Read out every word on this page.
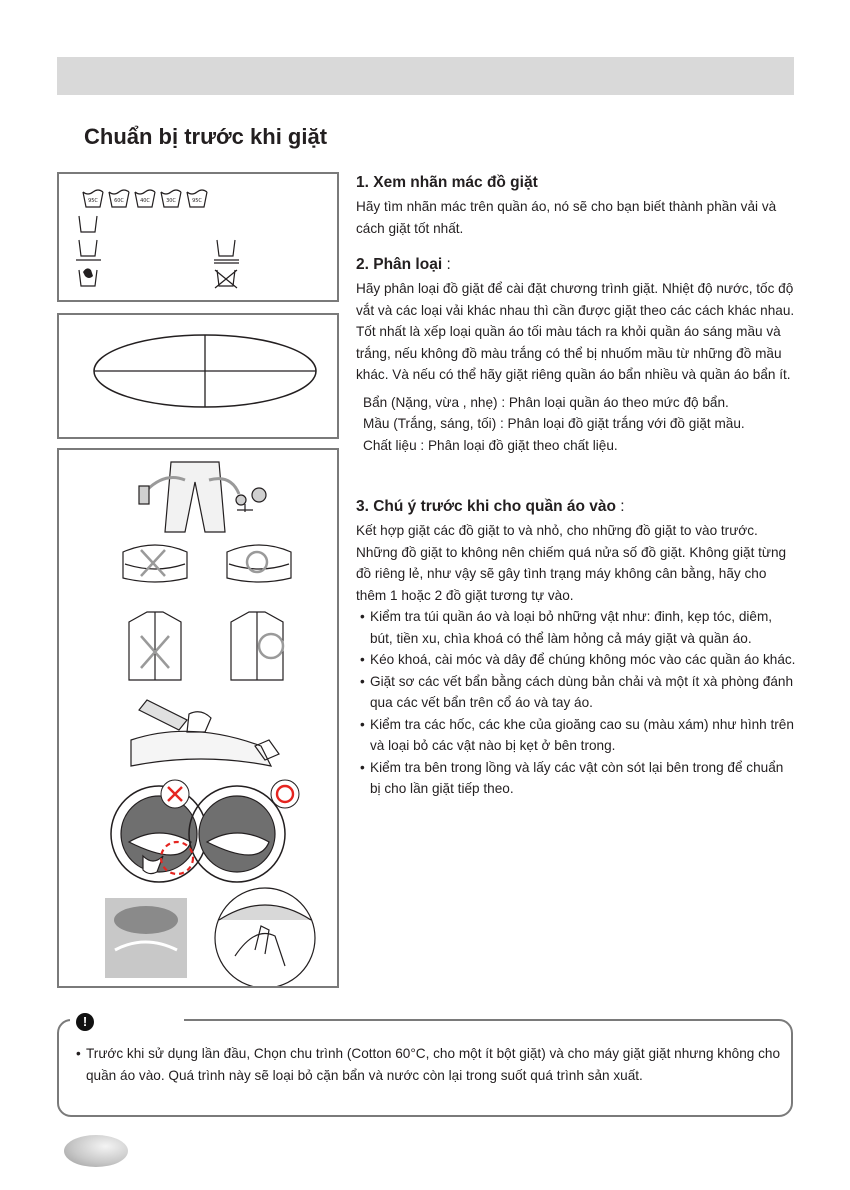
Chuẩn bị trước khi giặt
95C	60C	40C	30C	95C
1. Xem nhãn mác đồ giặt

Hãy tìm nhãn mác trên quần áo, nó sẽ cho bạn biết thành phần vải và cách giặt tốt nhất.

2. Phân loại :

Hãy phân loại đồ giặt để cài đặt chương trình giặt. Nhiệt độ nước, tốc độ vắt và các loại vải khác nhau thì cần được giặt theo các cách khác nhau. Tốt nhất là xếp loại quần áo tối màu tách ra khỏi quần áo sáng mầu và trắng, nếu không đồ màu trắng có thể bị nhuốm mầu từ những đồ mầu khác. Và nếu có thể hãy giặt riêng quần áo bẩn nhiều và quần áo bẩn ít.

Bẩn (Nặng, vừa , nhẹ) : Phân loại quần áo theo mức độ bẩn.

Mầu (Trắng, sáng, tối) : Phân loại đồ giặt trắng với đồ giặt mầu.

Chất liệu : Phân loại đồ giặt theo chất liệu.

3. Chú ý trước khi cho quần áo vào :

Kết hợp giặt các đồ giặt to và nhỏ, cho những đồ giặt to vào trước. Những đồ giặt to không nên chiếm quá nửa số đồ giặt. Không giặt từng đồ riêng lẻ, như vậy sẽ gây tình trạng máy không cân bằng, hãy cho thêm 1 hoặc 2 đồ giặt tương tự vào.

• Kiểm tra túi quần áo và loại bỏ những vật như: đinh, kẹp tóc, diêm, bút, tiền xu, chìa khoá có thể làm hỏng cả máy giặt và quần áo.

• Kéo khoá, cài móc và dây để chúng không móc vào các quần áo khác.

• Giặt sơ các vết bẩn bằng cách dùng bản chải và một ít xà phòng đánh qua các vết bẩn trên cổ áo và tay áo.

• Kiểm tra các hốc, các khe của gioăng cao su (màu xám) như hình trên và loại bỏ các vật nào bị kẹt ở bên trong.

• Kiểm tra bên trong lồng và lấy các vật còn sót lại bên trong để chuẩn bị cho lần giặt tiếp theo.

!

• Trước khi sử dụng lần đầu, Chọn chu trình (Cotton 60°C, cho một ít bột giặt) và cho máy giặt giặt nhưng không cho quần áo vào. Quá trình này sẽ loại bỏ cặn bẩn và nước còn lại trong suốt quá trình sản xuất.
